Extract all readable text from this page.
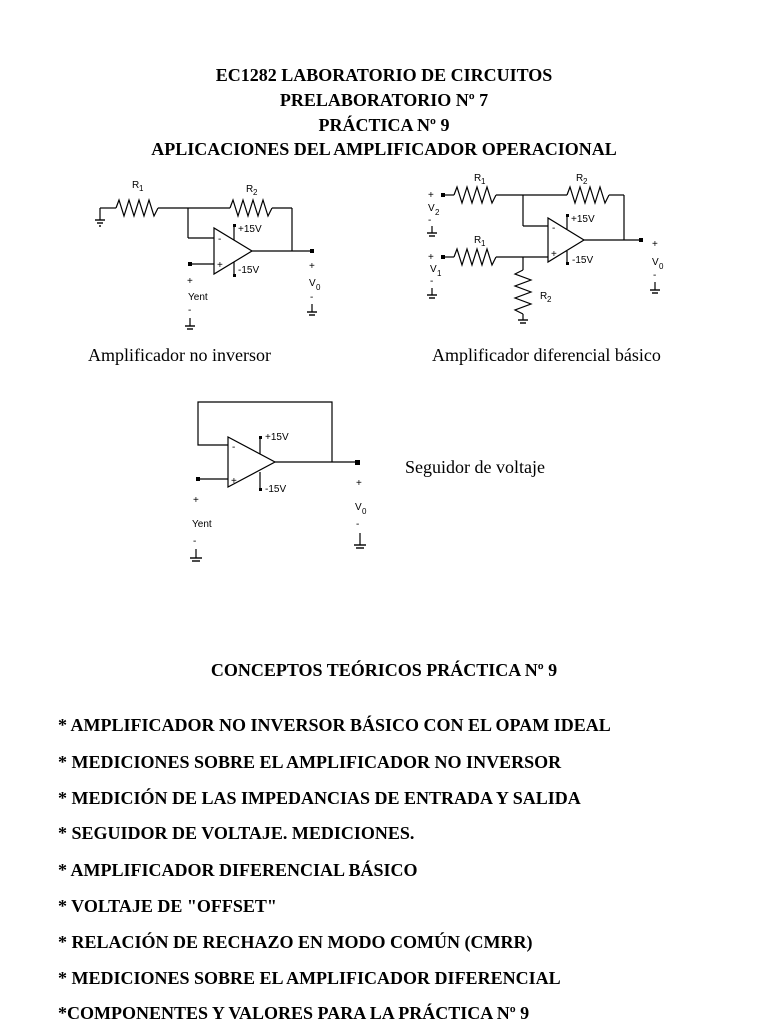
EC1282 LABORATORIO DE CIRCUITOS
PRELABORATORIO Nº 7
PRÁCTICA Nº 9
APLICACIONES DEL AMPLIFICADOR OPERACIONAL
R 1	R 2
-
+
+15V
-15V
+
Yent
-
+
V 0
-
+
V 2
-
R 1	R 2
-
+
+15V
-15V
+
V 1
-
R 1
R 2
+
V 0
-
Amplificador no inversor	Amplificador diferencial básico
-
+
+15V
-15V
+
Yent
-
+
V 0
-
Seguidor de voltaje
CONCEPTOS TEÓRICOS PRÁCTICA Nº 9
* AMPLIFICADOR NO INVERSOR BÁSICO CON EL OPAM IDEAL
* MEDICIONES SOBRE EL AMPLIFICADOR NO INVERSOR
* MEDICIÓN DE LAS IMPEDANCIAS DE ENTRADA Y SALIDA
* SEGUIDOR DE VOLTAJE. MEDICIONES.
* AMPLIFICADOR DIFERENCIAL BÁSICO
* VOLTAJE DE "OFFSET"
* RELACIÓN DE RECHAZO EN MODO COMÚN (CMRR)
* MEDICIONES SOBRE EL AMPLIFICADOR DIFERENCIAL
*COMPONENTES Y VALORES PARA LA PRÁCTICA Nº 9
